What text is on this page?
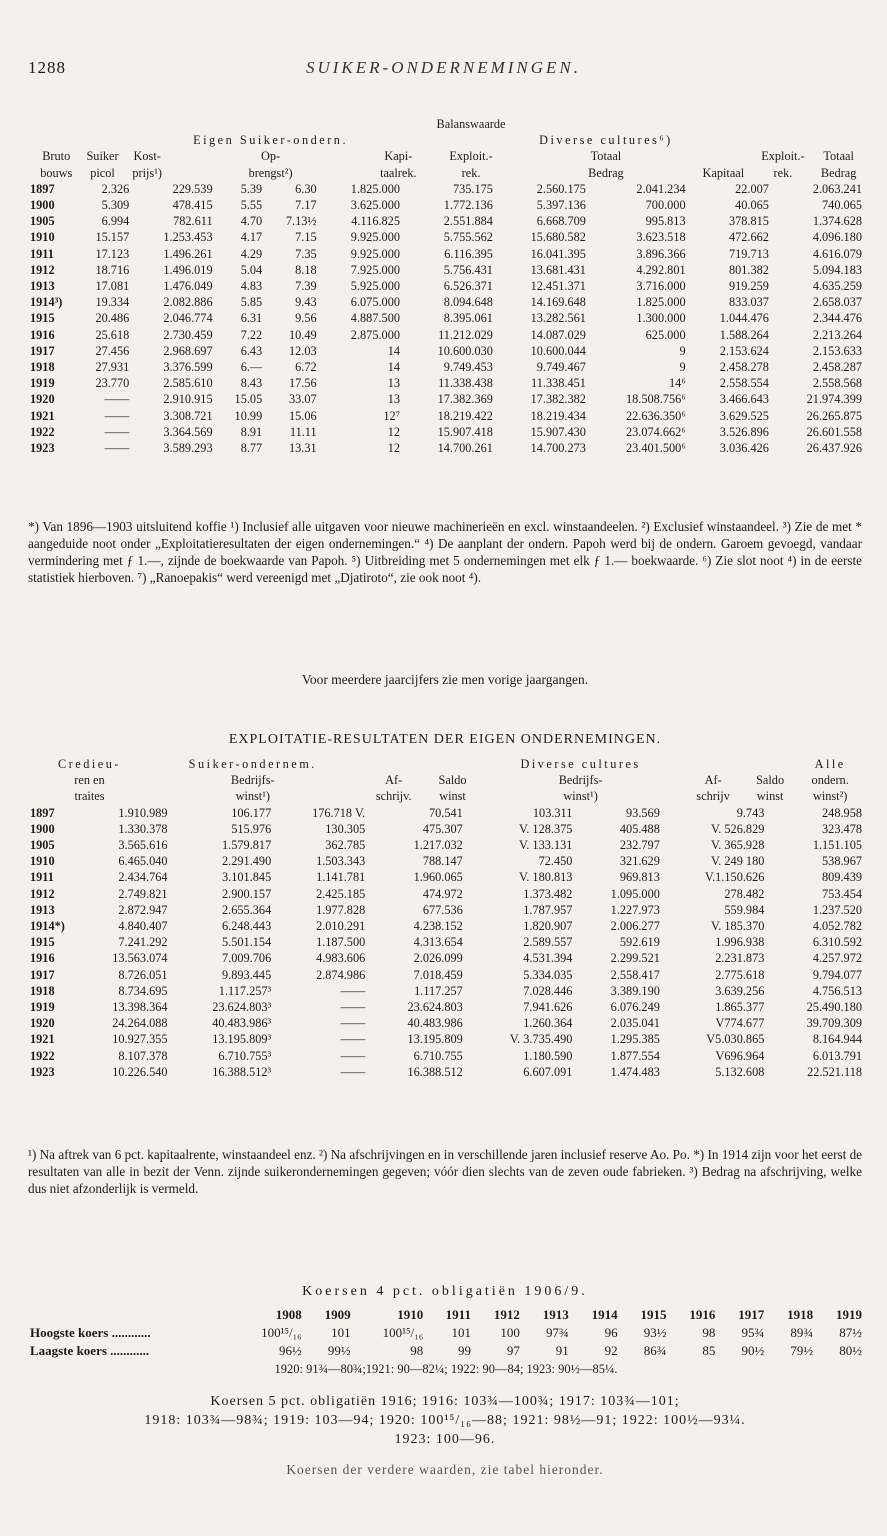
1288	SUIKER-ONDERNEMINGEN.
						Balanswaarde				
				Eigen Suiker-ondern.			Diverse cultures⁶)			
	Bruto	Suiker	Kost-	Op-	Kapi-	Exploit.-	Totaal		Exploit.-	Totaal
	bouws	picol	prijs¹)	brengst²)	taalrek.	rek.	Bedrag	Kapitaal	rek.	Bedrag
1897	2.326	229.539	5.39	6.30	1.825.000	735.175	2.560.175	2.041.234	22.007	2.063.241
1900	5.309	478.415	5.55	7.17	3.625.000	1.772.136	5.397.136	700.000	40.065	740.065
1905	6.994	782.611	4.70	7.13½	4.116.825	2.551.884	6.668.709	995.813	378.815	1.374.628
1910	15.157	1.253.453	4.17	7.15	9.925.000	5.755.562	15.680.582	3.623.518	472.662	4.096.180
1911	17.123	1.496.261	4.29	7.35	9.925.000	6.116.395	16.041.395	3.896.366	719.713	4.616.079
1912	18.716	1.496.019	5.04	8.18	7.925.000	5.756.431	13.681.431	4.292.801	801.382	5.094.183
1913	17.081	1.476.049	4.83	7.39	5.925.000	6.526.371	12.451.371	3.716.000	919.259	4.635.259
1914³)	19.334	2.082.886	5.85	9.43	6.075.000	8.094.648	14.169.648	1.825.000	833.037	2.658.037
1915	20.486	2.046.774	6.31	9.56	4.887.500	8.395.061	13.282.561	1.300.000	1.044.476	2.344.476
1916	25.618	2.730.459	7.22	10.49	2.875.000	11.212.029	14.087.029	625.000	1.588.264	2.213.264
1917	27.456	2.968.697	6.43	12.03	14	10.600.030	10.600.044	9	2.153.624	2.153.633
1918	27.931	3.376.599	6.—	6.72	14	9.749.453	9.749.467	9	2.458.278	2.458.287
1919	23.770	2.585.610	8.43	17.56	13	11.338.438	11.338.451	14⁶	2.558.554	2.558.568
1920	——	2.910.915	15.05	33.07	13	17.382.369	17.382.382	18.508.756⁶	3.466.643	21.974.399
1921	——	3.308.721	10.99	15.06	12⁷	18.219.422	18.219.434	22.636.350⁶	3.629.525	26.265.875
1922	——	3.364.569	8.91	11.11	12	15.907.418	15.907.430	23.074.662⁶	3.526.896	26.601.558
1923	——	3.589.293	8.77	13.31	12	14.700.261	14.700.273	23.401.500⁶	3.036.426	26.437.926
*) Van 1896—1903 uitsluitend koffie ¹) Inclusief alle uitgaven voor nieuwe machinerieën en excl. winstaandeelen. ²) Exclusief winstaandeel. ³) Zie de met * aangeduide noot onder „Exploitatieresultaten der eigen ondernemingen.“ ⁴) De aanplant der ondern. Papoh werd bij de ondern. Garoem gevoegd, vandaar vermindering met ƒ 1.—, zijnde de boekwaarde van Papoh. ⁵) Uitbreiding met 5 ondernemingen met elk ƒ 1.— boekwaarde. ⁶) Zie slot noot ⁴) in de eerste statistiek hierboven. ⁷) „Ranoepakis“ werd vereenigd met „Djatiroto“, zie ook noot ⁴).
Voor meerdere jaarcijfers zie men vorige jaargangen.
EXPLOITATIE-RESULTATEN DER EIGEN ONDERNEMINGEN.
	Credieu-	Suiker-ondernem.			Diverse cultures			Alle
	ren en	Bedrijfs-	Af-	Saldo	Bedrijfs-	Af-	Saldo	ondern.
	traites	winst¹)	schrijv.	winst	winst¹)	schrijv	winst	winst²)
1897	1.910.989	106.177	176.718 V.	70.541	103.311	93.569	9.743	248.958
1900	1.330.378	515.976	130.305	475.307	V. 128.375	405.488	V. 526.829	323.478
1905	3.565.616	1.579.817	362.785	1.217.032	V. 133.131	232.797	V. 365.928	1.151.105
1910	6.465.040	2.291.490	1.503.343	788.147	72.450	321.629	V. 249 180	538.967
1911	2.434.764	3.101.845	1.141.781	1.960.065	V. 180.813	969.813	V.1.150.626	809.439
1912	2.749.821	2.900.157	2.425.185	474.972	1.373.482	1.095.000	278.482	753.454
1913	2.872.947	2.655.364	1.977.828	677.536	1.787.957	1.227.973	559.984	1.237.520
1914*)	4.840.407	6.248.443	2.010.291	4.238.152	1.820.907	2.006.277	V. 185.370	4.052.782
1915	7.241.292	5.501.154	1.187.500	4.313.654	2.589.557	592.619	1.996.938	6.310.592
1916	13.563.074	7.009.706	4.983.606	2.026.099	4.531.394	2.299.521	2.231.873	4.257.972
1917	8.726.051	9.893.445	2.874.986	7.018.459	5.334.035	2.558.417	2.775.618	9.794.077
1918	8.734.695	1.117.257³	——	1.117.257	7.028.446	3.389.190	3.639.256	4.756.513
1919	13.398.364	23.624.803³	——	23.624.803	7.941.626	6.076.249	1.865.377	25.490.180
1920	24.264.088	40.483.986³	——	40.483.986	1.260.364	2.035.041	V774.677	39.709.309
1921	10.927.355	13.195.809³	——	13.195.809	V. 3.735.490	1.295.385	V5.030.865	8.164.944
1922	8.107.378	6.710.755³	——	6.710.755	1.180.590	1.877.554	V696.964	6.013.791
1923	10.226.540	16.388.512³	——	16.388.512	6.607.091	1.474.483	5.132.608	22.521.118
¹) Na aftrek van 6 pct. kapitaalrente, winstaandeel enz. ²) Na afschrijvingen en in verschillende jaren inclusief reserve Ao. Po. *) In 1914 zijn voor het eerst de resultaten van alle in bezit der Venn. zijnde suikerondernemingen gegeven; vóór dien slechts van de zeven oude fabrieken. ³) Bedrag na afschrijving, welke dus niet afzonderlijk is vermeld.
Koersen 4 pct. obligatiën 1906/9.
	1908	1909	1910	1911	1912	1913	1914	1915	1916	1917	1918	1919
Hoogste koers ............	100¹⁵/₁₆	101	100¹⁵/₁₆	101	100	97¾	96	93½	98	95¾	89¾	87½
Laagste koers ............	96½	99½	98	99	97	91	92	86¾	85	90½	79½	80½
1920: 91¾—80¾;1921: 90—82¼; 1922: 90—84; 1923: 90½—85¼.
Koersen 5 pct. obligatiën 1916; 1916: 103¾—100¾; 1917: 103¾—101;
1918: 103¾—98¾; 1919: 103—94; 1920: 100¹⁵/₁₆—88; 1921: 98½—91; 1922: 100½—93¼.
1923: 100—96.
Koersen der verdere waarden, zie tabel hieronder.
